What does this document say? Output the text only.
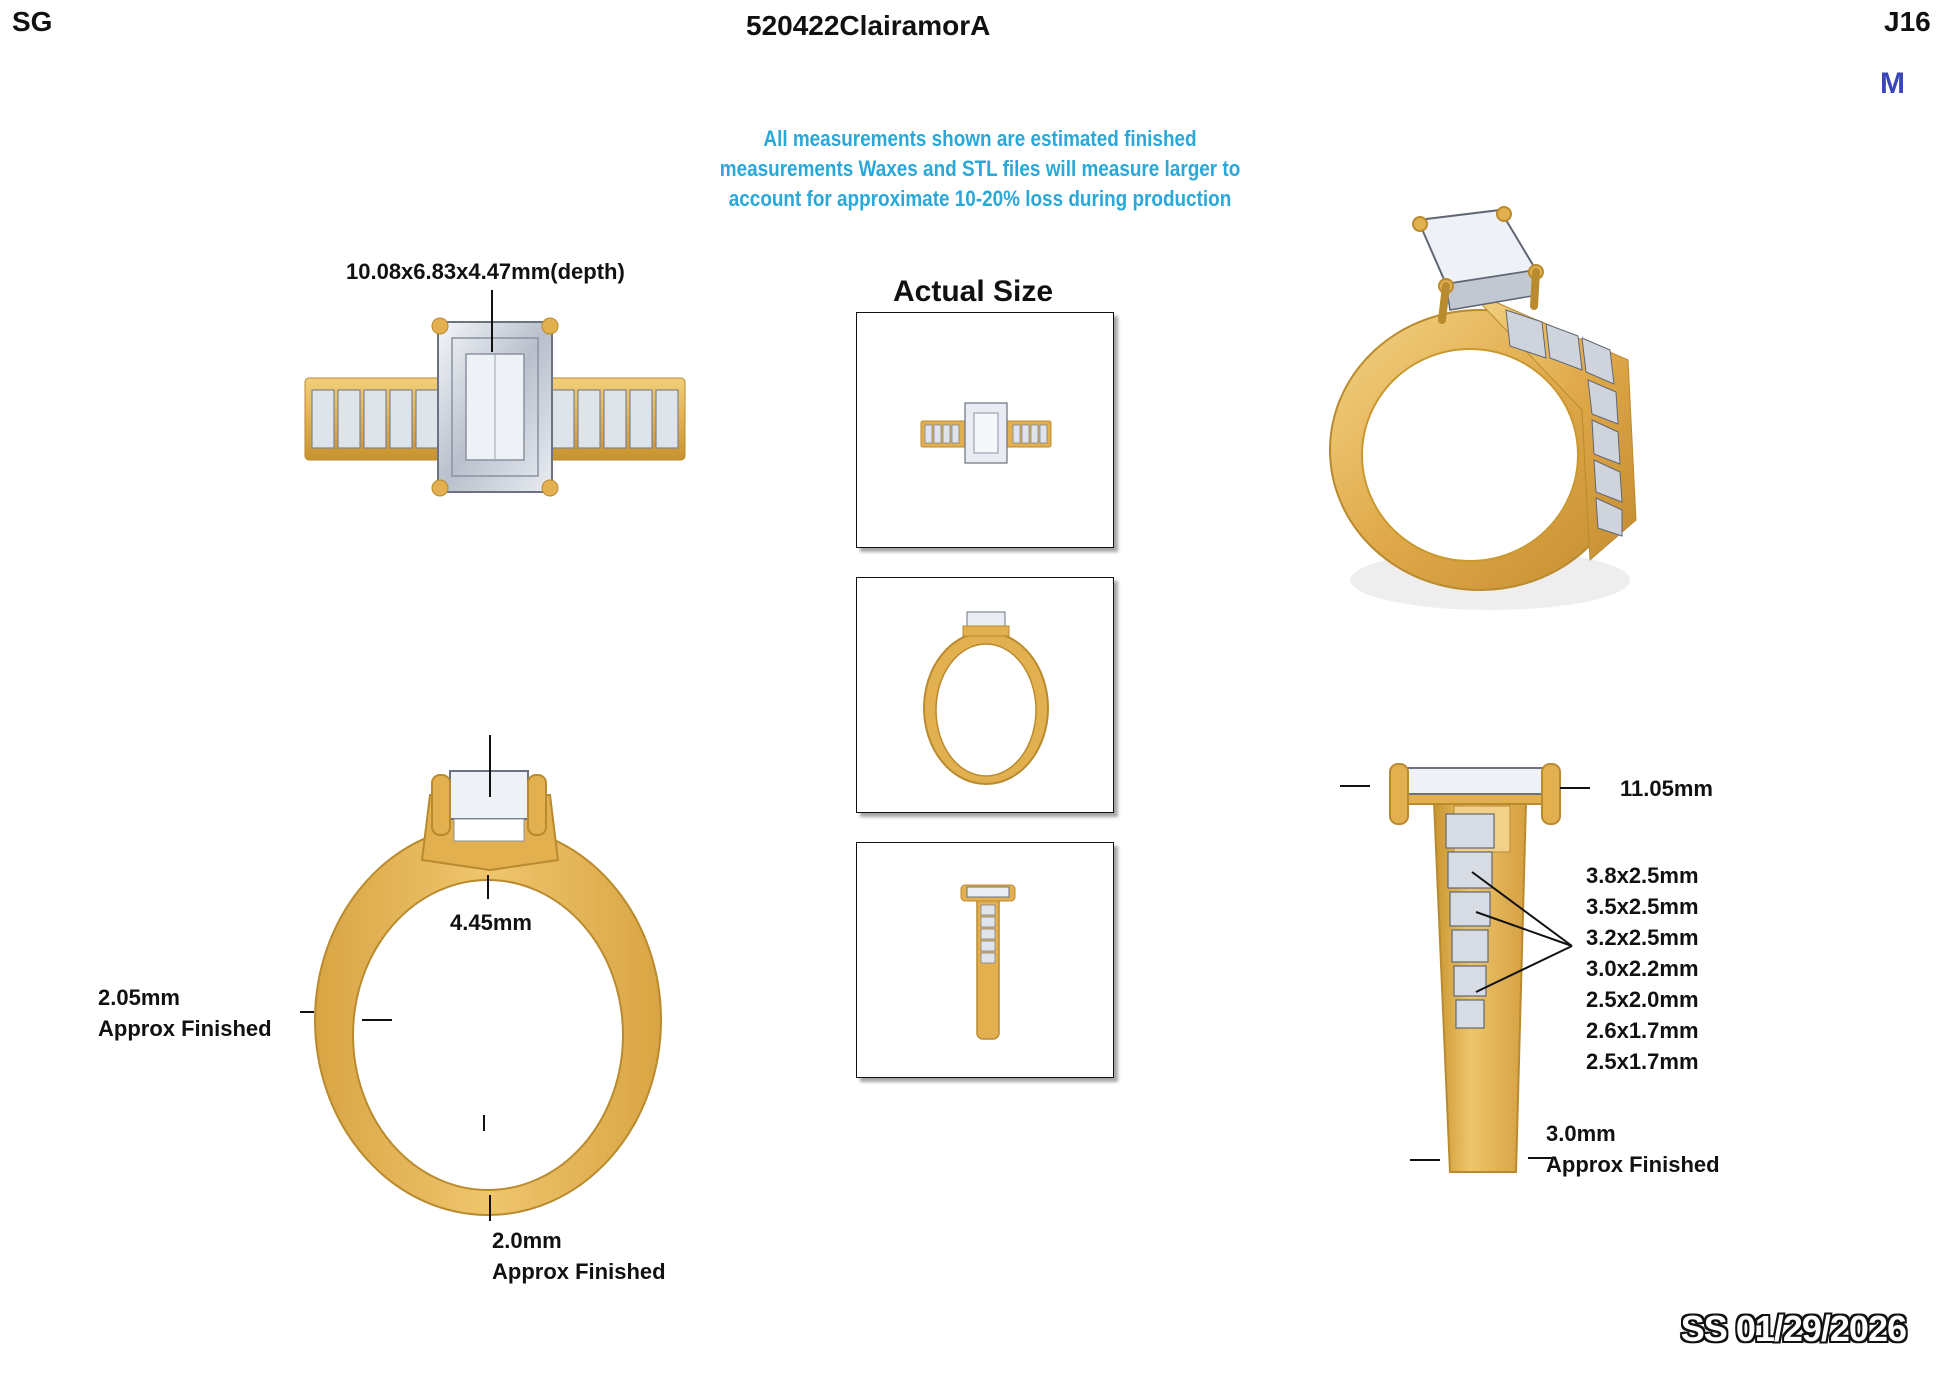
SG	520422ClairamorA	J16
M
All measurements shown are estimated finished
measurements Waxes and STL files will measure larger to
account for approximate 10-20% loss during production
10.08x6.83x4.47mm(depth)
Actual Size
4.45mm
2.05mm
Approx Finished
2.0mm
Approx Finished
11.05mm
3.8x2.5mm
3.5x2.5mm
3.2x2.5mm
3.0x2.2mm
2.5x2.0mm
2.6x1.7mm
2.5x1.7mm
3.0mm
Approx Finished
SS 01/29/2026
